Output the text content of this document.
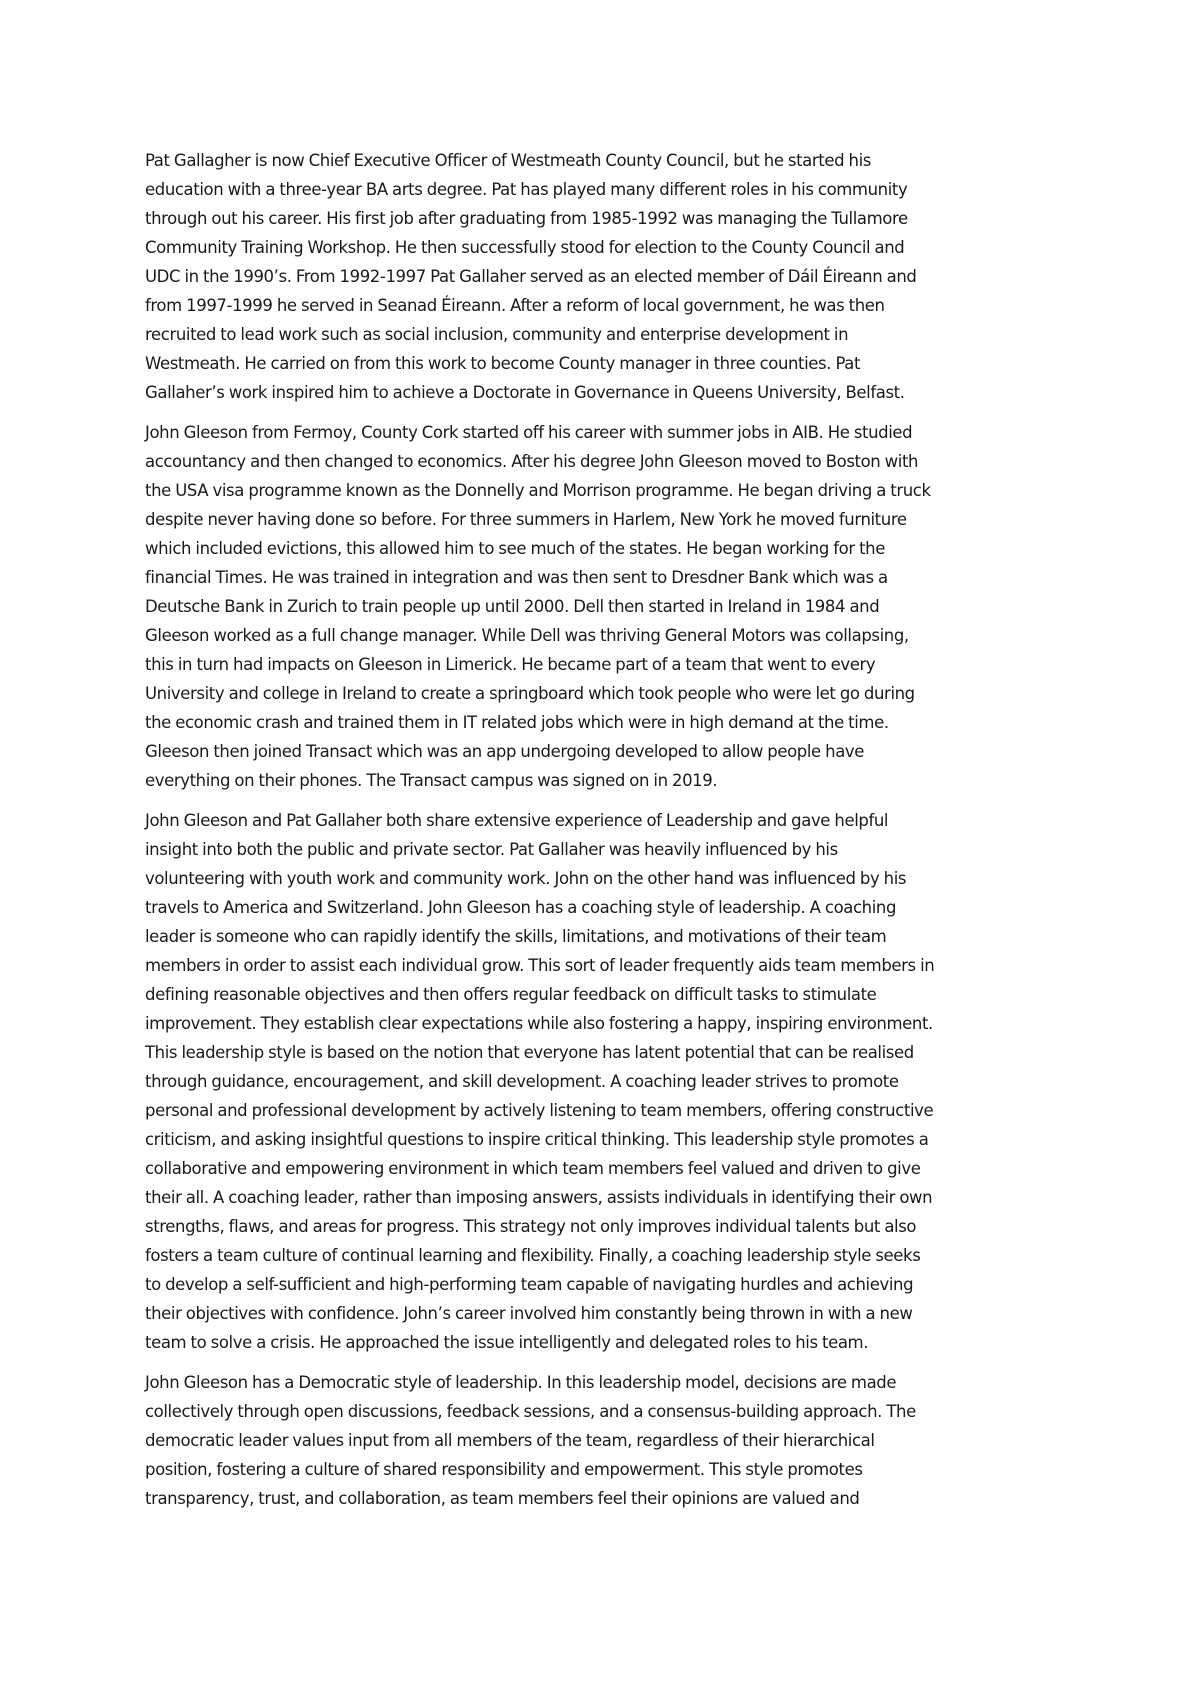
Pat Gallagher is now Chief Executive Officer of Westmeath County Council, but he started his
education with a three-year BA arts degree. Pat has played many different roles in his community
through out his career. His first job after graduating from 1985-1992 was managing the Tullamore
Community Training Workshop. He then successfully stood for election to the County Council and
UDC in the 1990’s. From 1992-1997 Pat Gallaher served as an elected member of Dáil Éireann and
from 1997-1999 he served in Seanad Éireann. After a reform of local government, he was then
recruited to lead work such as social inclusion, community and enterprise development in
Westmeath. He carried on from this work to become County manager in three counties. Pat
Gallaher’s work inspired him to achieve a Doctorate in Governance in Queens University, Belfast.
John Gleeson from Fermoy, County Cork started off his career with summer jobs in AIB. He studied
accountancy and then changed to economics. After his degree John Gleeson moved to Boston with
the USA visa programme known as the Donnelly and Morrison programme. He began driving a truck
despite never having done so before. For three summers in Harlem, New York he moved furniture
which included evictions, this allowed him to see much of the states. He began working for the
financial Times. He was trained in integration and was then sent to Dresdner Bank which was a
Deutsche Bank in Zurich to train people up until 2000. Dell then started in Ireland in 1984 and
Gleeson worked as a full change manager. While Dell was thriving General Motors was collapsing,
this in turn had impacts on Gleeson in Limerick. He became part of a team that went to every
University and college in Ireland to create a springboard which took people who were let go during
the economic crash and trained them in IT related jobs which were in high demand at the time.
Gleeson then joined Transact which was an app undergoing developed to allow people have
everything on their phones. The Transact campus was signed on in 2019.
John Gleeson and Pat Gallaher both share extensive experience of Leadership and gave helpful
insight into both the public and private sector. Pat Gallaher was heavily influenced by his
volunteering with youth work and community work. John on the other hand was influenced by his
travels to America and Switzerland. John Gleeson has a coaching style of leadership. A coaching
leader is someone who can rapidly identify the skills, limitations, and motivations of their team
members in order to assist each individual grow. This sort of leader frequently aids team members in
defining reasonable objectives and then offers regular feedback on difficult tasks to stimulate
improvement. They establish clear expectations while also fostering a happy, inspiring environment.
This leadership style is based on the notion that everyone has latent potential that can be realised
through guidance, encouragement, and skill development. A coaching leader strives to promote
personal and professional development by actively listening to team members, offering constructive
criticism, and asking insightful questions to inspire critical thinking. This leadership style promotes a
collaborative and empowering environment in which team members feel valued and driven to give
their all. A coaching leader, rather than imposing answers, assists individuals in identifying their own
strengths, flaws, and areas for progress. This strategy not only improves individual talents but also
fosters a team culture of continual learning and flexibility. Finally, a coaching leadership style seeks
to develop a self-sufficient and high-performing team capable of navigating hurdles and achieving
their objectives with confidence. John’s career involved him constantly being thrown in with a new
team to solve a crisis. He approached the issue intelligently and delegated roles to his team.
John Gleeson has a Democratic style of leadership. In this leadership model, decisions are made
collectively through open discussions, feedback sessions, and a consensus-building approach. The
democratic leader values input from all members of the team, regardless of their hierarchical
position, fostering a culture of shared responsibility and empowerment. This style promotes
transparency, trust, and collaboration, as team members feel their opinions are valued and
